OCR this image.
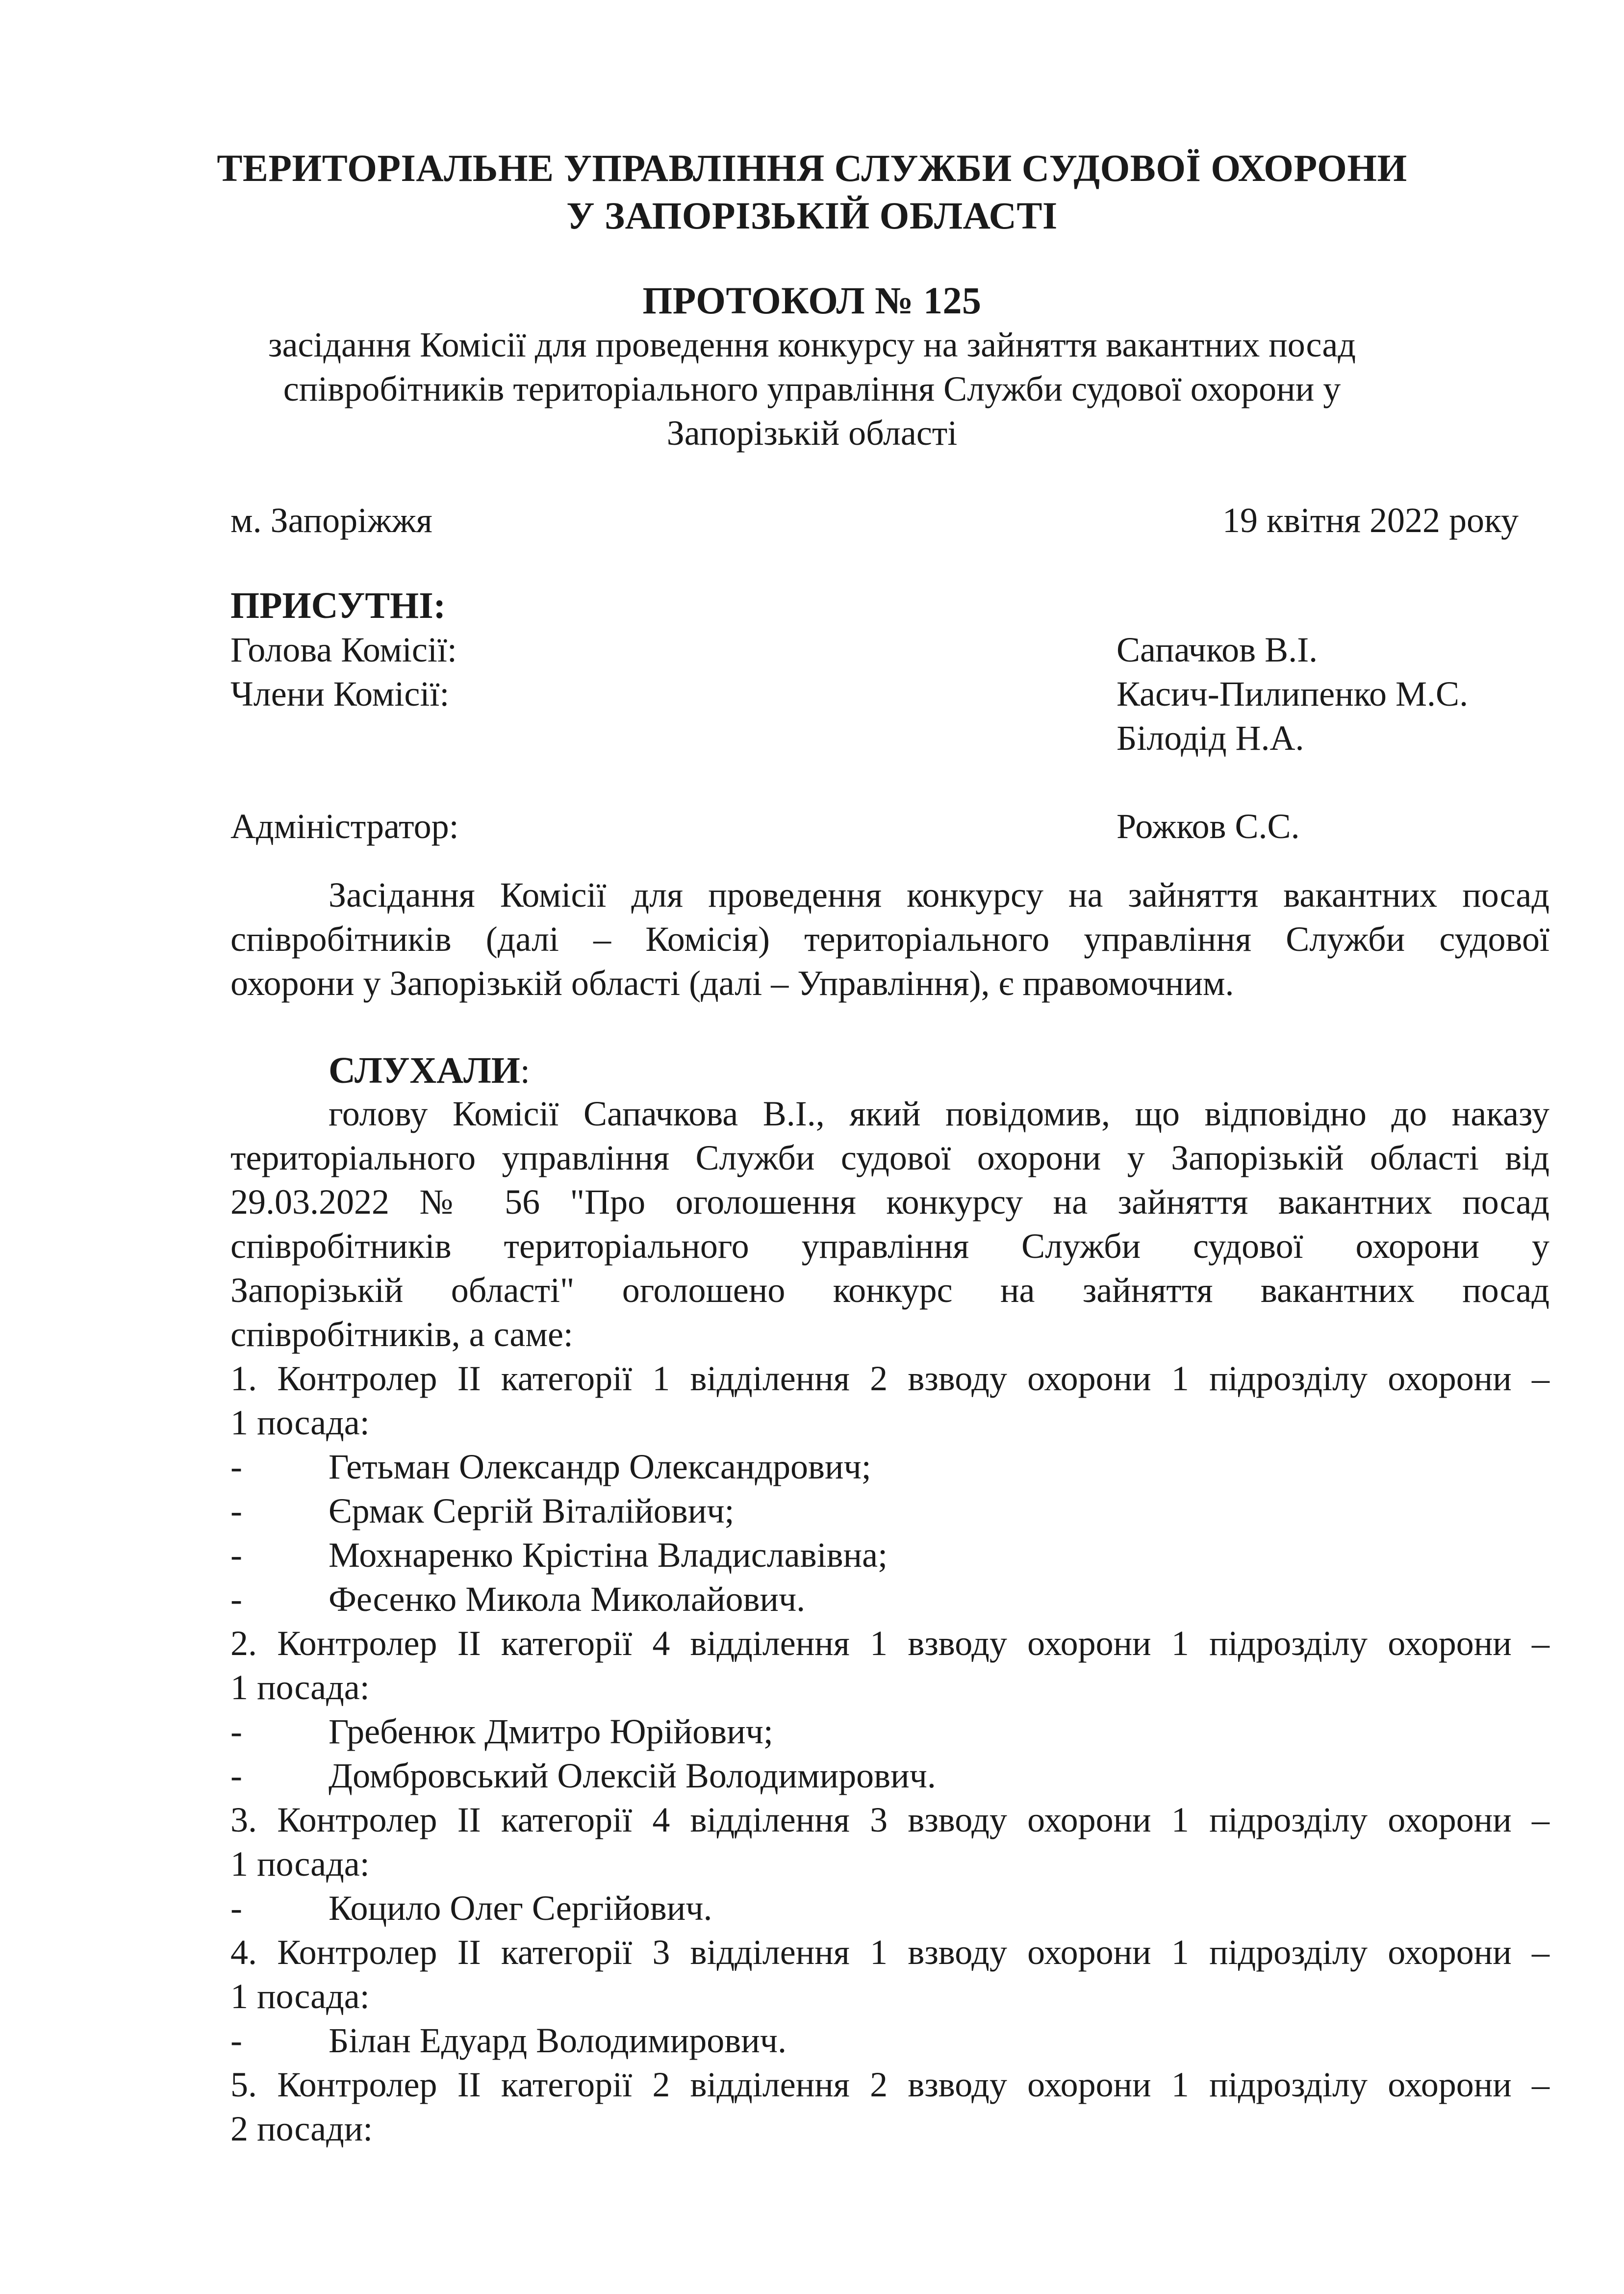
ТЕРИТОРІАЛЬНЕ УПРАВЛІННЯ СЛУЖБИ СУДОВОЇ ОХОРОНИ
У ЗАПОРІЗЬКІЙ ОБЛАСТІ
ПРОТОКОЛ № 125
засідання Комісії для проведення конкурсу на зайняття вакантних посад
співробітників територіального управління Служби судової охорони у
Запорізькій області
м. Запоріжжя	19 квітня 2022 року
ПРИСУТНІ:
Голова Комісії:	Сапачков В.І.
Члени Комісії:	Касич-Пилипенко М.С.
Білодід Н.А.
Адміністратор:	Рожков С.С.
Засідання Комісії для проведення конкурсу на зайняття вакантних посад
співробітників (далі – Комісія) територіального управління Служби судової
охорони у Запорізькій області (далі – Управління), є правомочним.
СЛУХАЛИ:
голову Комісії Сапачкова В.І., який повідомив, що відповідно до наказу
територіального управління Служби судової охорони у Запорізькій області від
29.03.2022 № 56 "Про оголошення конкурсу на зайняття вакантних посад
співробітників територіального управління Служби судової охорони у
Запорізькій області" оголошено конкурс на зайняття вакантних посад
співробітників, а саме:
1. Контролер ІІ категорії 1 відділення 2 взводу охорони 1 підрозділу охорони –
1 посада:
- Гетьман Олександр Олександрович;
- Єрмак Сергій Віталійович;
- Мохнаренко Крістіна Владиславівна;
- Фесенко Микола Миколайович.
2. Контролер ІІ категорії 4 відділення 1 взводу охорони 1 підрозділу охорони –
1 посада:
- Гребенюк Дмитро Юрійович;
- Домбровський Олексій Володимирович.
3. Контролер ІІ категорії 4 відділення 3 взводу охорони 1 підрозділу охорони –
1 посада:
- Коцило Олег Сергійович.
4. Контролер ІІ категорії 3 відділення 1 взводу охорони 1 підрозділу охорони –
1 посада:
- Білан Едуард Володимирович.
5. Контролер ІІ категорії 2 відділення 2 взводу охорони 1 підрозділу охорони –
2 посади:
